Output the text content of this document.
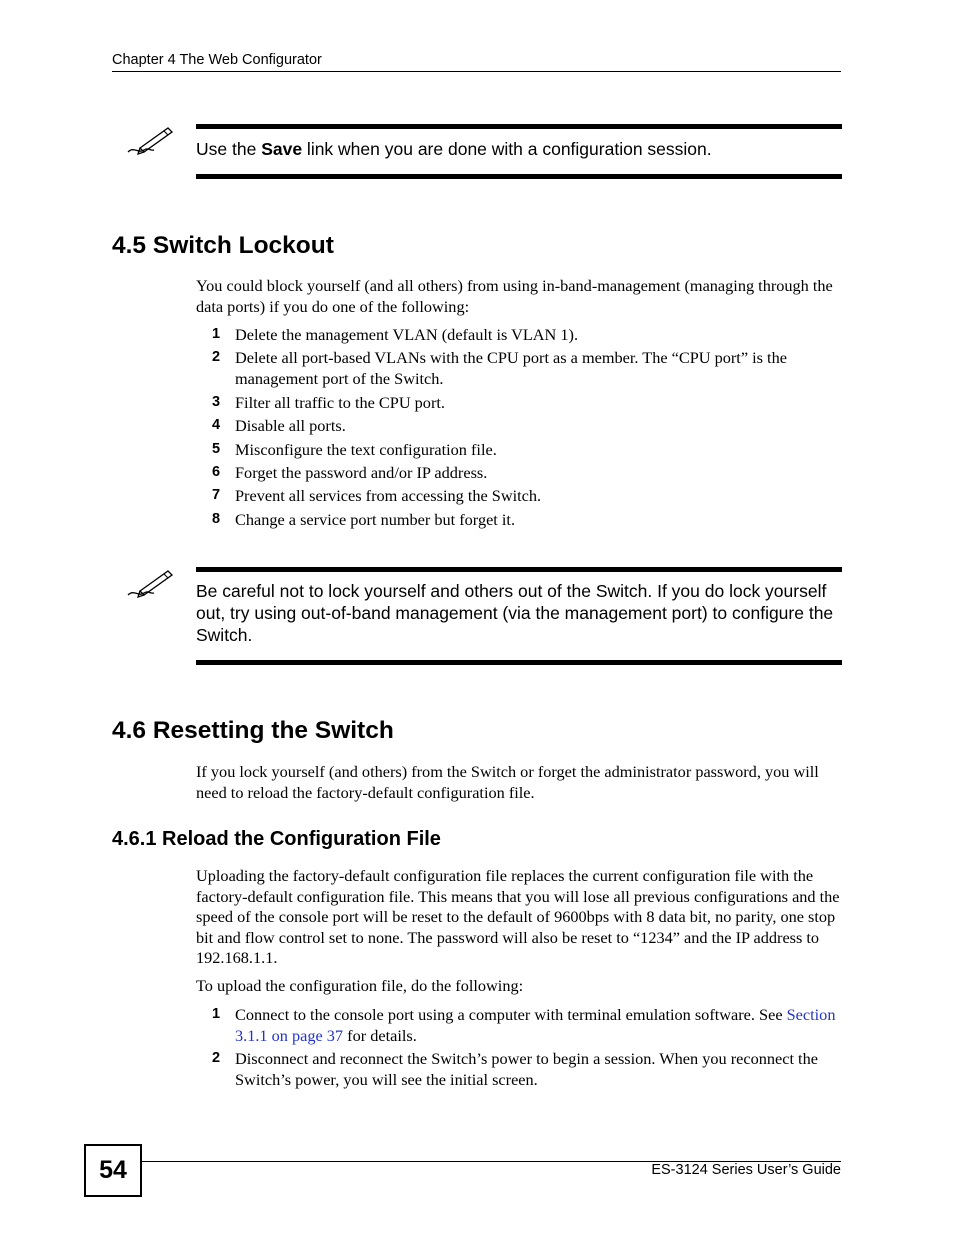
Chapter 4 The Web Configurator
Use the Save link when you are done with a configuration session.
4.5 Switch Lockout

You could block yourself (and all others) from using in-band-management (managing through the data ports) if you do one of the following:

1 Delete the management VLAN (default is VLAN 1).
2 Delete all port-based VLANs with the CPU port as a member. The “CPU port” is the management port of the Switch.
3 Filter all traffic to the CPU port.
4 Disable all ports.
5 Misconfigure the text configuration file.
6 Forget the password and/or IP address.
7 Prevent all services from accessing the Switch.
8 Change a service port number but forget it.
Be careful not to lock yourself and others out of the Switch. If you do lock yourself out, try using out-of-band management (via the management port) to configure the Switch.
4.6 Resetting the Switch

If you lock yourself (and others) from the Switch or forget the administrator password, you will need to reload the factory-default configuration file.

4.6.1 Reload the Configuration File

Uploading the factory-default configuration file replaces the current configuration file with the factory-default configuration file. This means that you will lose all previous configurations and the speed of the console port will be reset to the default of 9600bps with 8 data bit, no parity, one stop bit and flow control set to none. The password will also be reset to “1234” and the IP address to 192.168.1.1.

To upload the configuration file, do the following:

1 Connect to the console port using a computer with terminal emulation software. See Section 3.1.1 on page 37 for details.
2 Disconnect and reconnect the Switch’s power to begin a session. When you reconnect the Switch’s power, you will see the initial screen.
54	ES-3124 Series User’s Guide
